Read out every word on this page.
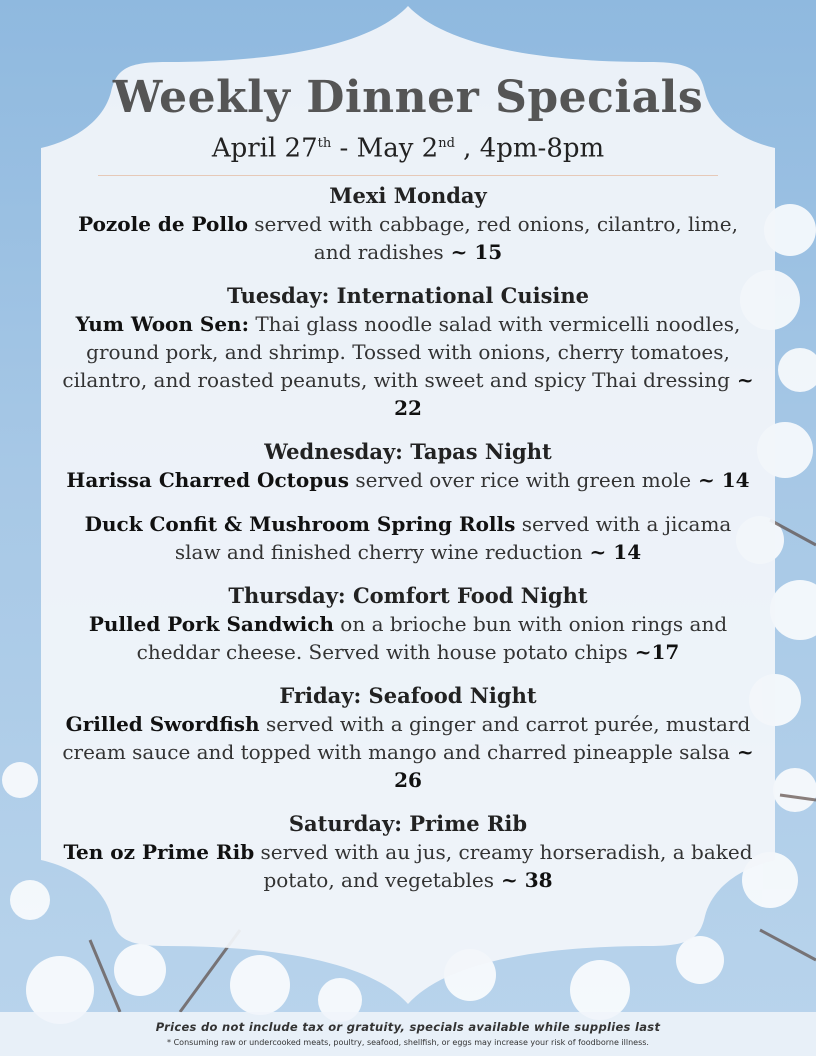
Weekly Dinner Specials
April 27th - May 2nd , 4pm-8pm
Mexi Monday
Pozole de Pollo served with cabbage, red onions, cilantro, lime, and radishes ~ 15
Tuesday: International Cuisine
Yum Woon Sen: Thai glass noodle salad with vermicelli noodles, ground pork, and shrimp. Tossed with onions, cherry tomatoes, cilantro, and roasted peanuts, with sweet and spicy Thai dressing ~ 22
Wednesday: Tapas Night
Harissa Charred Octopus served over rice with green mole ~ 14
Duck Confit & Mushroom Spring Rolls served with a jicama slaw and finished cherry wine reduction ~ 14
Thursday: Comfort Food Night
Pulled Pork Sandwich on a brioche bun with onion rings and cheddar cheese. Served with house potato chips ~17
Friday: Seafood Night
Grilled Swordfish served with a ginger and carrot purée, mustard cream sauce and topped with mango and charred pineapple salsa ~ 26
Saturday: Prime Rib
Ten oz Prime Rib served with au jus, creamy horseradish, a baked potato, and vegetables ~ 38
Prices do not include tax or gratuity, specials available while supplies last
* Consuming raw or undercooked meats, poultry, seafood, shellfish, or eggs may increase your risk of foodborne illness.
